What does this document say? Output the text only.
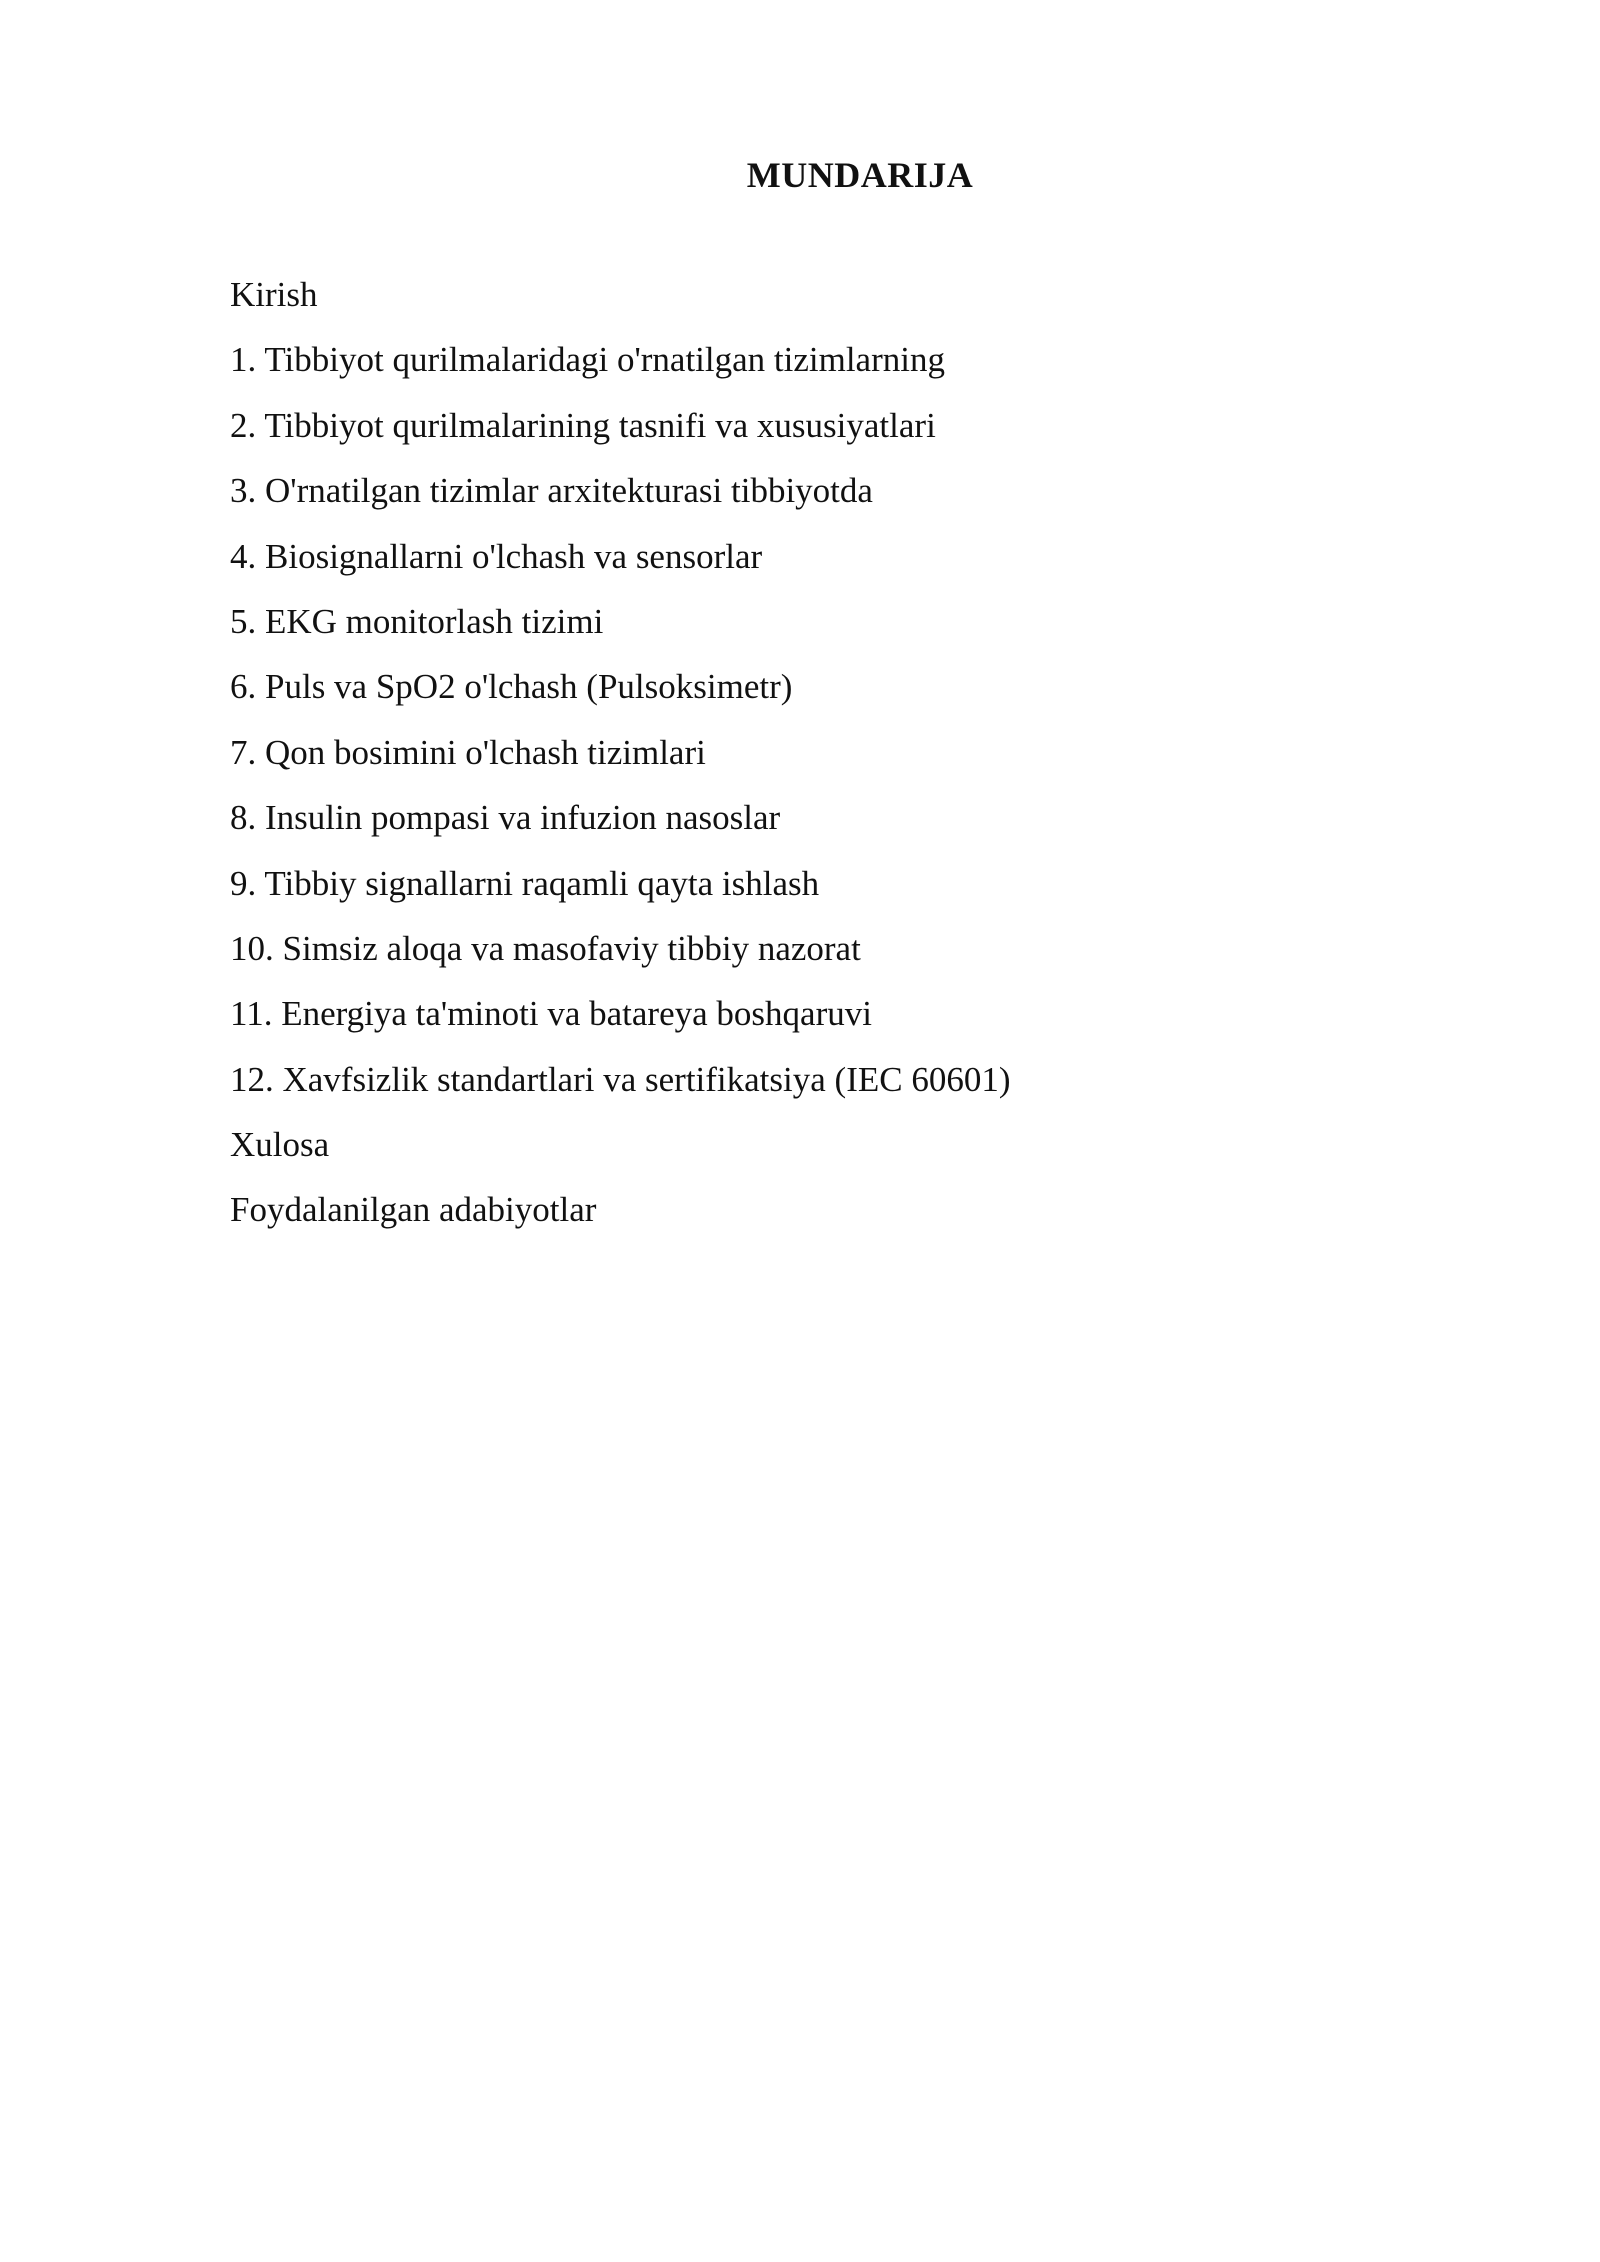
MUNDARIJA
Kirish
1. Tibbiyot qurilmalaridagi o'rnatilgan tizimlarning
2. Tibbiyot qurilmalarining tasnifi va xususiyatlari
3. O'rnatilgan tizimlar arxitekturasi tibbiyotda
4. Biosignallarni o'lchash va sensorlar
5. EKG monitorlash tizimi
6. Puls va SpO2 o'lchash (Pulsoksimetr)
7. Qon bosimini o'lchash tizimlari
8. Insulin pompasi va infuzion nasoslar
9. Tibbiy signallarni raqamli qayta ishlash
10. Simsiz aloqa va masofaviy tibbiy nazorat
11. Energiya ta'minoti va batareya boshqaruvi
12. Xavfsizlik standartlari va sertifikatsiya (IEC 60601)
Xulosa
Foydalanilgan adabiyotlar
